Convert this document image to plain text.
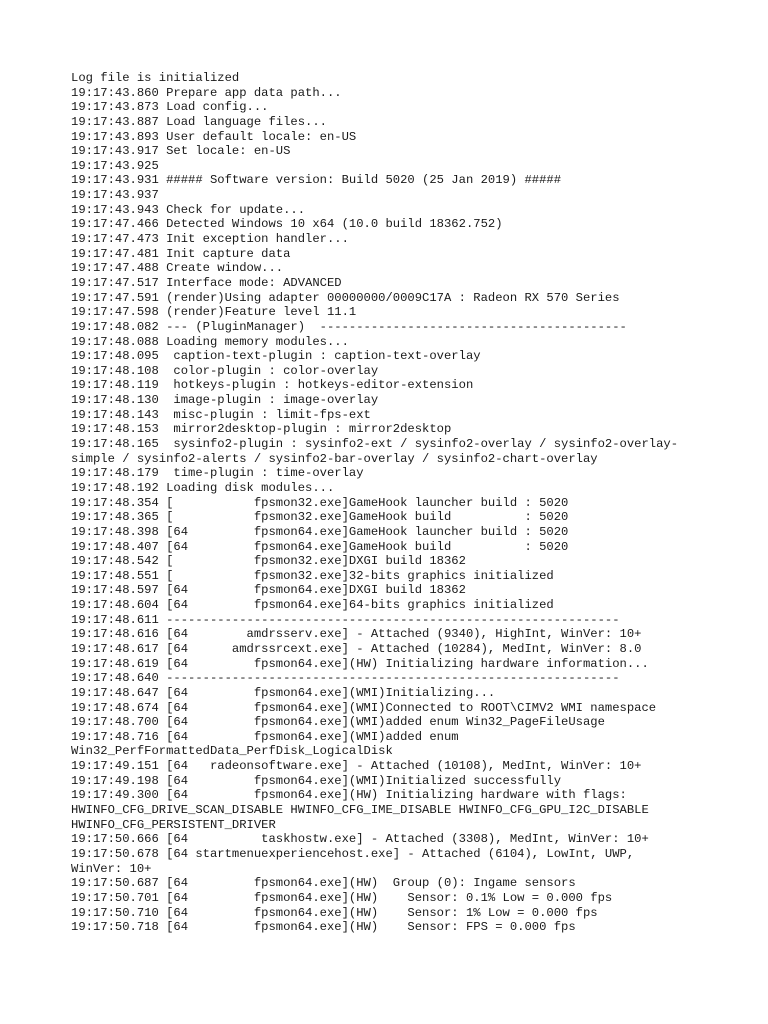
Log file is initialized
19:17:43.860 Prepare app data path...
19:17:43.873 Load config...
19:17:43.887 Load language files...
19:17:43.893 User default locale: en-US
19:17:43.917 Set locale: en-US
19:17:43.925
19:17:43.931 ##### Software version: Build 5020 (25 Jan 2019) #####
19:17:43.937
19:17:43.943 Check for update...
19:17:47.466 Detected Windows 10 x64 (10.0 build 18362.752)
19:17:47.473 Init exception handler...
19:17:47.481 Init capture data
19:17:47.488 Create window...
19:17:47.517 Interface mode: ADVANCED
19:17:47.591 (render)Using adapter 00000000/0009C17A : Radeon RX 570 Series
19:17:47.598 (render)Feature level 11.1
19:17:48.082 --- (PluginManager)  ------------------------------------------
19:17:48.088 Loading memory modules...
19:17:48.095  caption-text-plugin : caption-text-overlay
19:17:48.108  color-plugin : color-overlay
19:17:48.119  hotkeys-plugin : hotkeys-editor-extension
19:17:48.130  image-plugin : image-overlay
19:17:48.143  misc-plugin : limit-fps-ext
19:17:48.153  mirror2desktop-plugin : mirror2desktop
19:17:48.165  sysinfo2-plugin : sysinfo2-ext / sysinfo2-overlay / sysinfo2-overlay-
simple / sysinfo2-alerts / sysinfo2-bar-overlay / sysinfo2-chart-overlay
19:17:48.179  time-plugin : time-overlay
19:17:48.192 Loading disk modules...
19:17:48.354 [           fpsmon32.exe]GameHook launcher build : 5020
19:17:48.365 [           fpsmon32.exe]GameHook build          : 5020
19:17:48.398 [64         fpsmon64.exe]GameHook launcher build : 5020
19:17:48.407 [64         fpsmon64.exe]GameHook build          : 5020
19:17:48.542 [           fpsmon32.exe]DXGI build 18362
19:17:48.551 [           fpsmon32.exe]32-bits graphics initialized
19:17:48.597 [64         fpsmon64.exe]DXGI build 18362
19:17:48.604 [64         fpsmon64.exe]64-bits graphics initialized
19:17:48.611 --------------------------------------------------------------
19:17:48.616 [64        amdrsserv.exe] - Attached (9340), HighInt, WinVer: 10+
19:17:48.617 [64      amdrssrcext.exe] - Attached (10284), MedInt, WinVer: 8.0
19:17:48.619 [64         fpsmon64.exe](HW) Initializing hardware information...
19:17:48.640 --------------------------------------------------------------
19:17:48.647 [64         fpsmon64.exe](WMI)Initializing...
19:17:48.674 [64         fpsmon64.exe](WMI)Connected to ROOT\CIMV2 WMI namespace
19:17:48.700 [64         fpsmon64.exe](WMI)added enum Win32_PageFileUsage
19:17:48.716 [64         fpsmon64.exe](WMI)added enum
Win32_PerfFormattedData_PerfDisk_LogicalDisk
19:17:49.151 [64   radeonsoftware.exe] - Attached (10108), MedInt, WinVer: 10+
19:17:49.198 [64         fpsmon64.exe](WMI)Initialized successfully
19:17:49.300 [64         fpsmon64.exe](HW) Initializing hardware with flags:
HWINFO_CFG_DRIVE_SCAN_DISABLE HWINFO_CFG_IME_DISABLE HWINFO_CFG_GPU_I2C_DISABLE
HWINFO_CFG_PERSISTENT_DRIVER
19:17:50.666 [64          taskhostw.exe] - Attached (3308), MedInt, WinVer: 10+
19:17:50.678 [64 startmenuexperiencehost.exe] - Attached (6104), LowInt, UWP,
WinVer: 10+
19:17:50.687 [64         fpsmon64.exe](HW)  Group (0): Ingame sensors
19:17:50.701 [64         fpsmon64.exe](HW)    Sensor: 0.1% Low = 0.000 fps
19:17:50.710 [64         fpsmon64.exe](HW)    Sensor: 1% Low = 0.000 fps
19:17:50.718 [64         fpsmon64.exe](HW)    Sensor: FPS = 0.000 fps
